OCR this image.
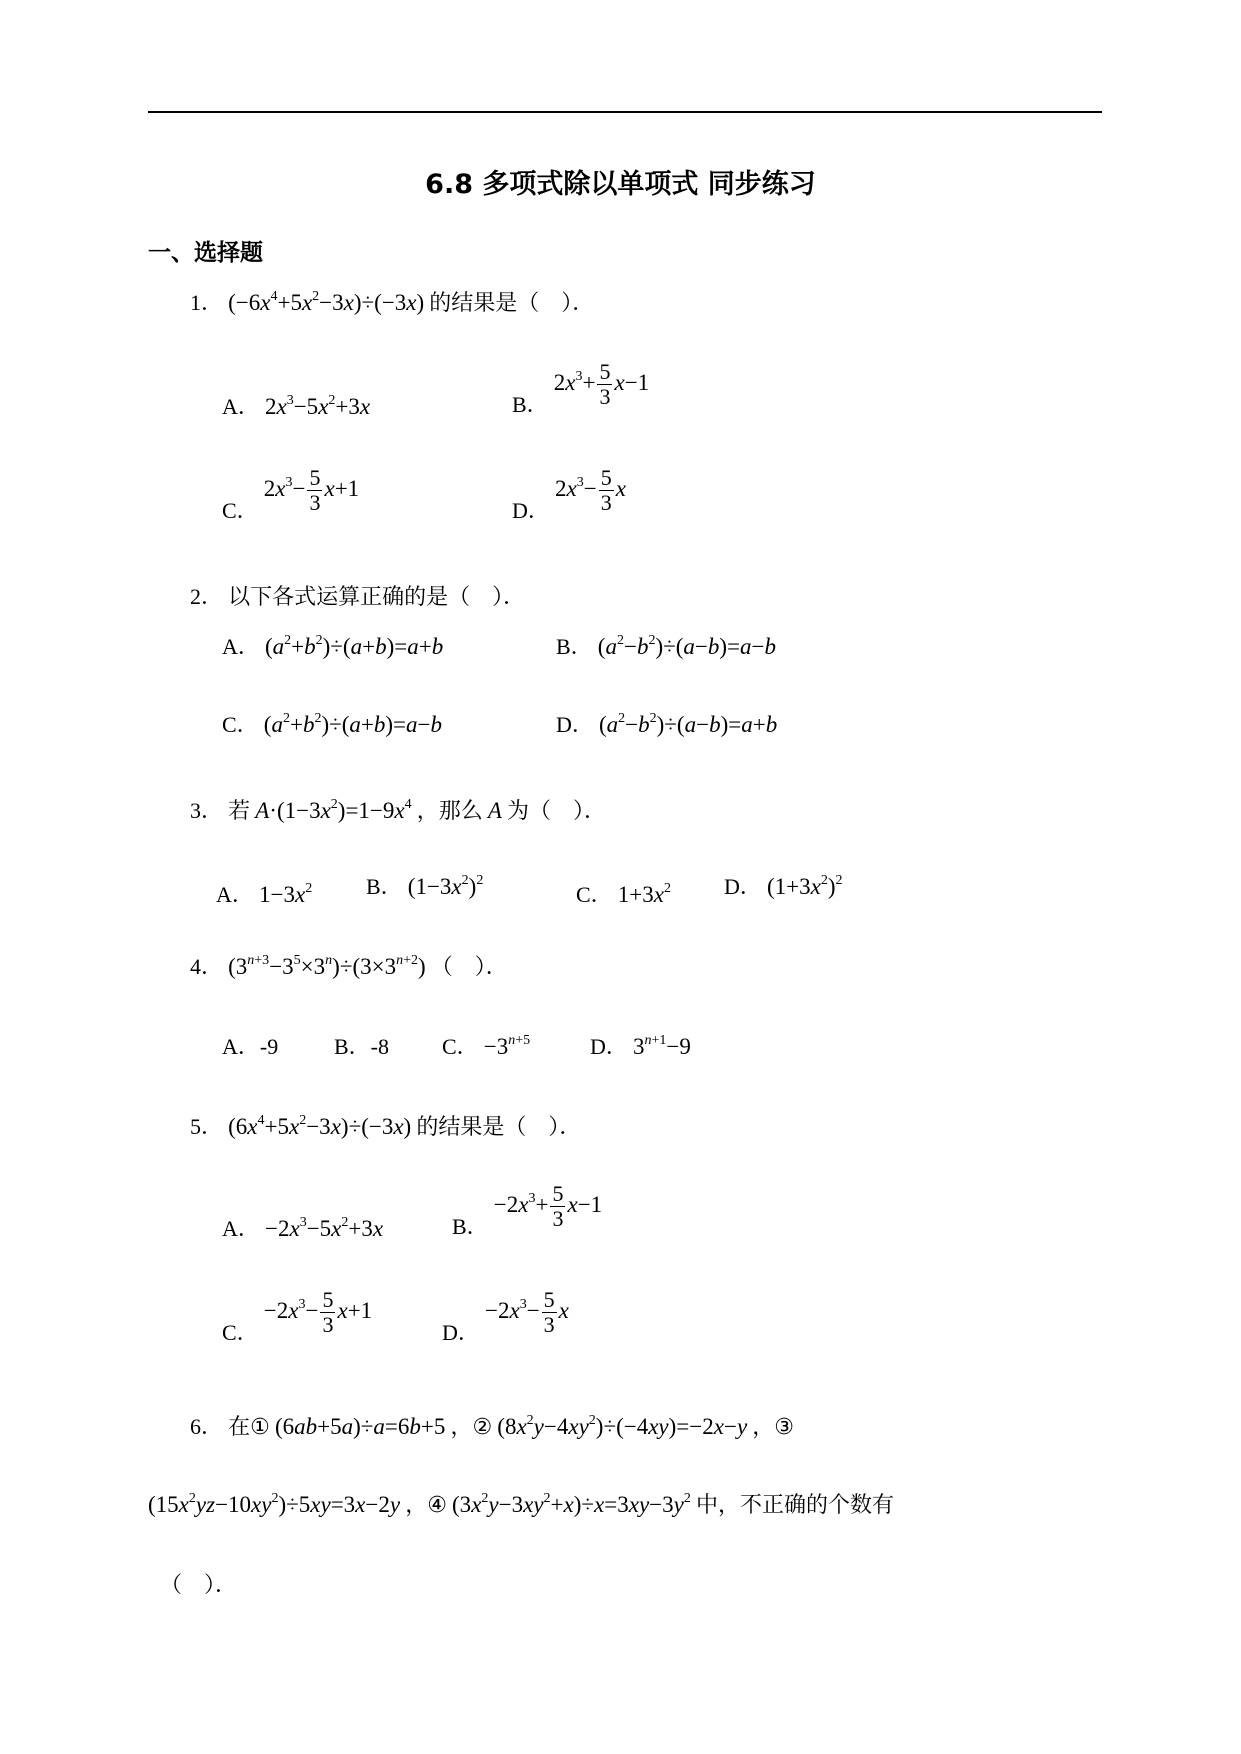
6.8 多项式除以单项式 同步练习
一、选择题
1． $(-6x^4+5x^2-3x)\div(-3x)$ 的结果是（　）．
A． $2x^3-5x^2+3x$	B． $2x^3+ \frac{5}{3} x-1$
C． $2x^3- \frac{5}{3} x+1$
D． $2x^3- \frac{5}{3}$ x
2． 以下各式运算正确的是（　）．
A． $(a^2+b^2)\div(a+b)=a+b$	B． $(a^2-b^2)\div(a-b)=a-b$
C． $(a^2+b^2)\div(a+b)=a-b$	D． $(a^2-b^2)\div(a-b)=a+b$
3． 若 $A\cdot(1-3x^2)=1-9x^4$ ，那么 A 为（　）．
A． $1-3x^2$ B． $(1-3x^2)^2$
C． $1+3x^2$ D． $(1+3x^2)^2$
4． $(3^{n+3}-3^5\times 3^n)\div(3\times 3^{n+2})$ （　）．
A．-9	B．-8 C． $-3^{n+5}$	D． $3^{n+1}-9$
5． $(6x^4+5x^2-3x)\div(-3x)$ 的结果是（　）．
A． $-2x^3-5x^2+3x$	B． $-2x^3+ \frac{5}{3} x-1$
C． $-2x^3- \frac{5}{3} x+1$
D． $-2x^3- \frac{5}{3}$ x
6． 在① (6ab+5a)÷a=6b+5 ，② $(8x^2y-4xy^2)\div(-4xy)=-2x-y$ ，③
$(15x^2yz-10xy^2)\div 5xy=3x-2y$ ，④ $(3x^2y-3xy^2+x)\div x=3xy-3y^2$ 中，不正确的个数有
（　）．
